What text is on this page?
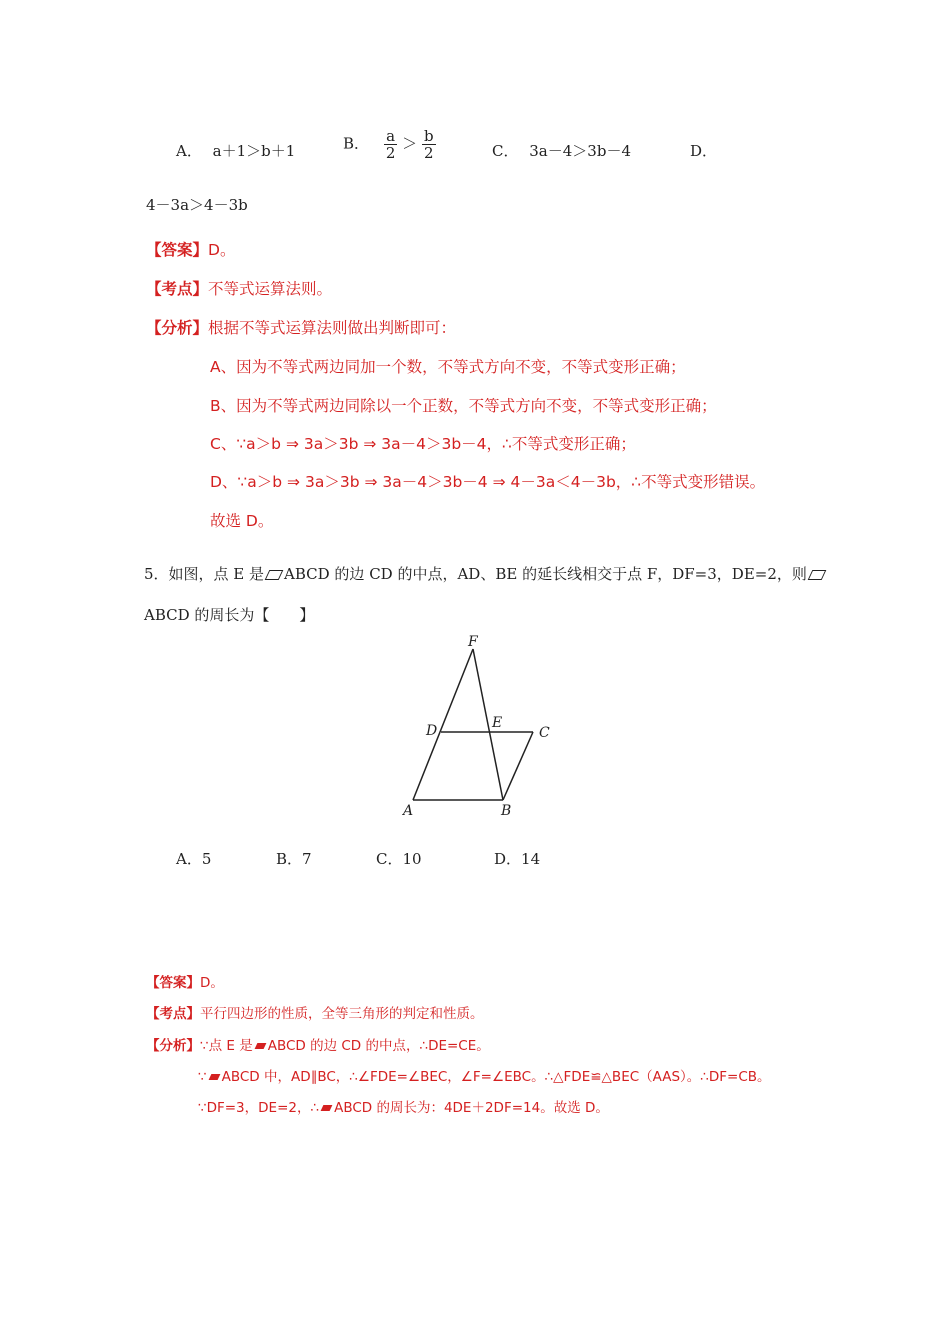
A． a＋1＞b＋1	B． $\frac{a}{2} > \frac{b}{2}$	C． 3a－4＞3b－4	D．
4－3a＞4－3b
【答案】D。
【考点】不等式运算法则。
【分析】根据不等式运算法则做出判断即可：
A、因为不等式两边同加一个数，不等式方向不变，不等式变形正确；
B、因为不等式两边同除以一个正数，不等式方向不变，不等式变形正确；
C、∵a＞b ⇒ 3a＞3b ⇒ 3a－4＞3b－4，∴不等式变形正确；
D、∵a＞b ⇒ 3a＞3b ⇒ 3a－4＞3b－4 ⇒ 4－3a＜4－3b，∴不等式变形错误。
故选 D。
5．如图，点 E 是 ABCD 的边 CD 的中点，AD、BE 的延长线相交于点 F，DF=3，DE=2，则
ABCD 的周长为【　　】
F
D	E
C
A	B
A．5	B．7	C．10	D．14
【答案】D。
【考点】平行四边形的性质，全等三角形的判定和性质。
【分析】∵点 E 是 ABCD 的边 CD 的中点，∴DE=CE。
∵ ABCD 中，AD∥BC，∴∠FDE=∠BEC，∠F=∠EBC。∴△FDE≌△BEC（AAS）。∴DF=CB。
∵DF=3，DE=2，∴ ABCD 的周长为：4DE＋2DF=14。故选 D。
